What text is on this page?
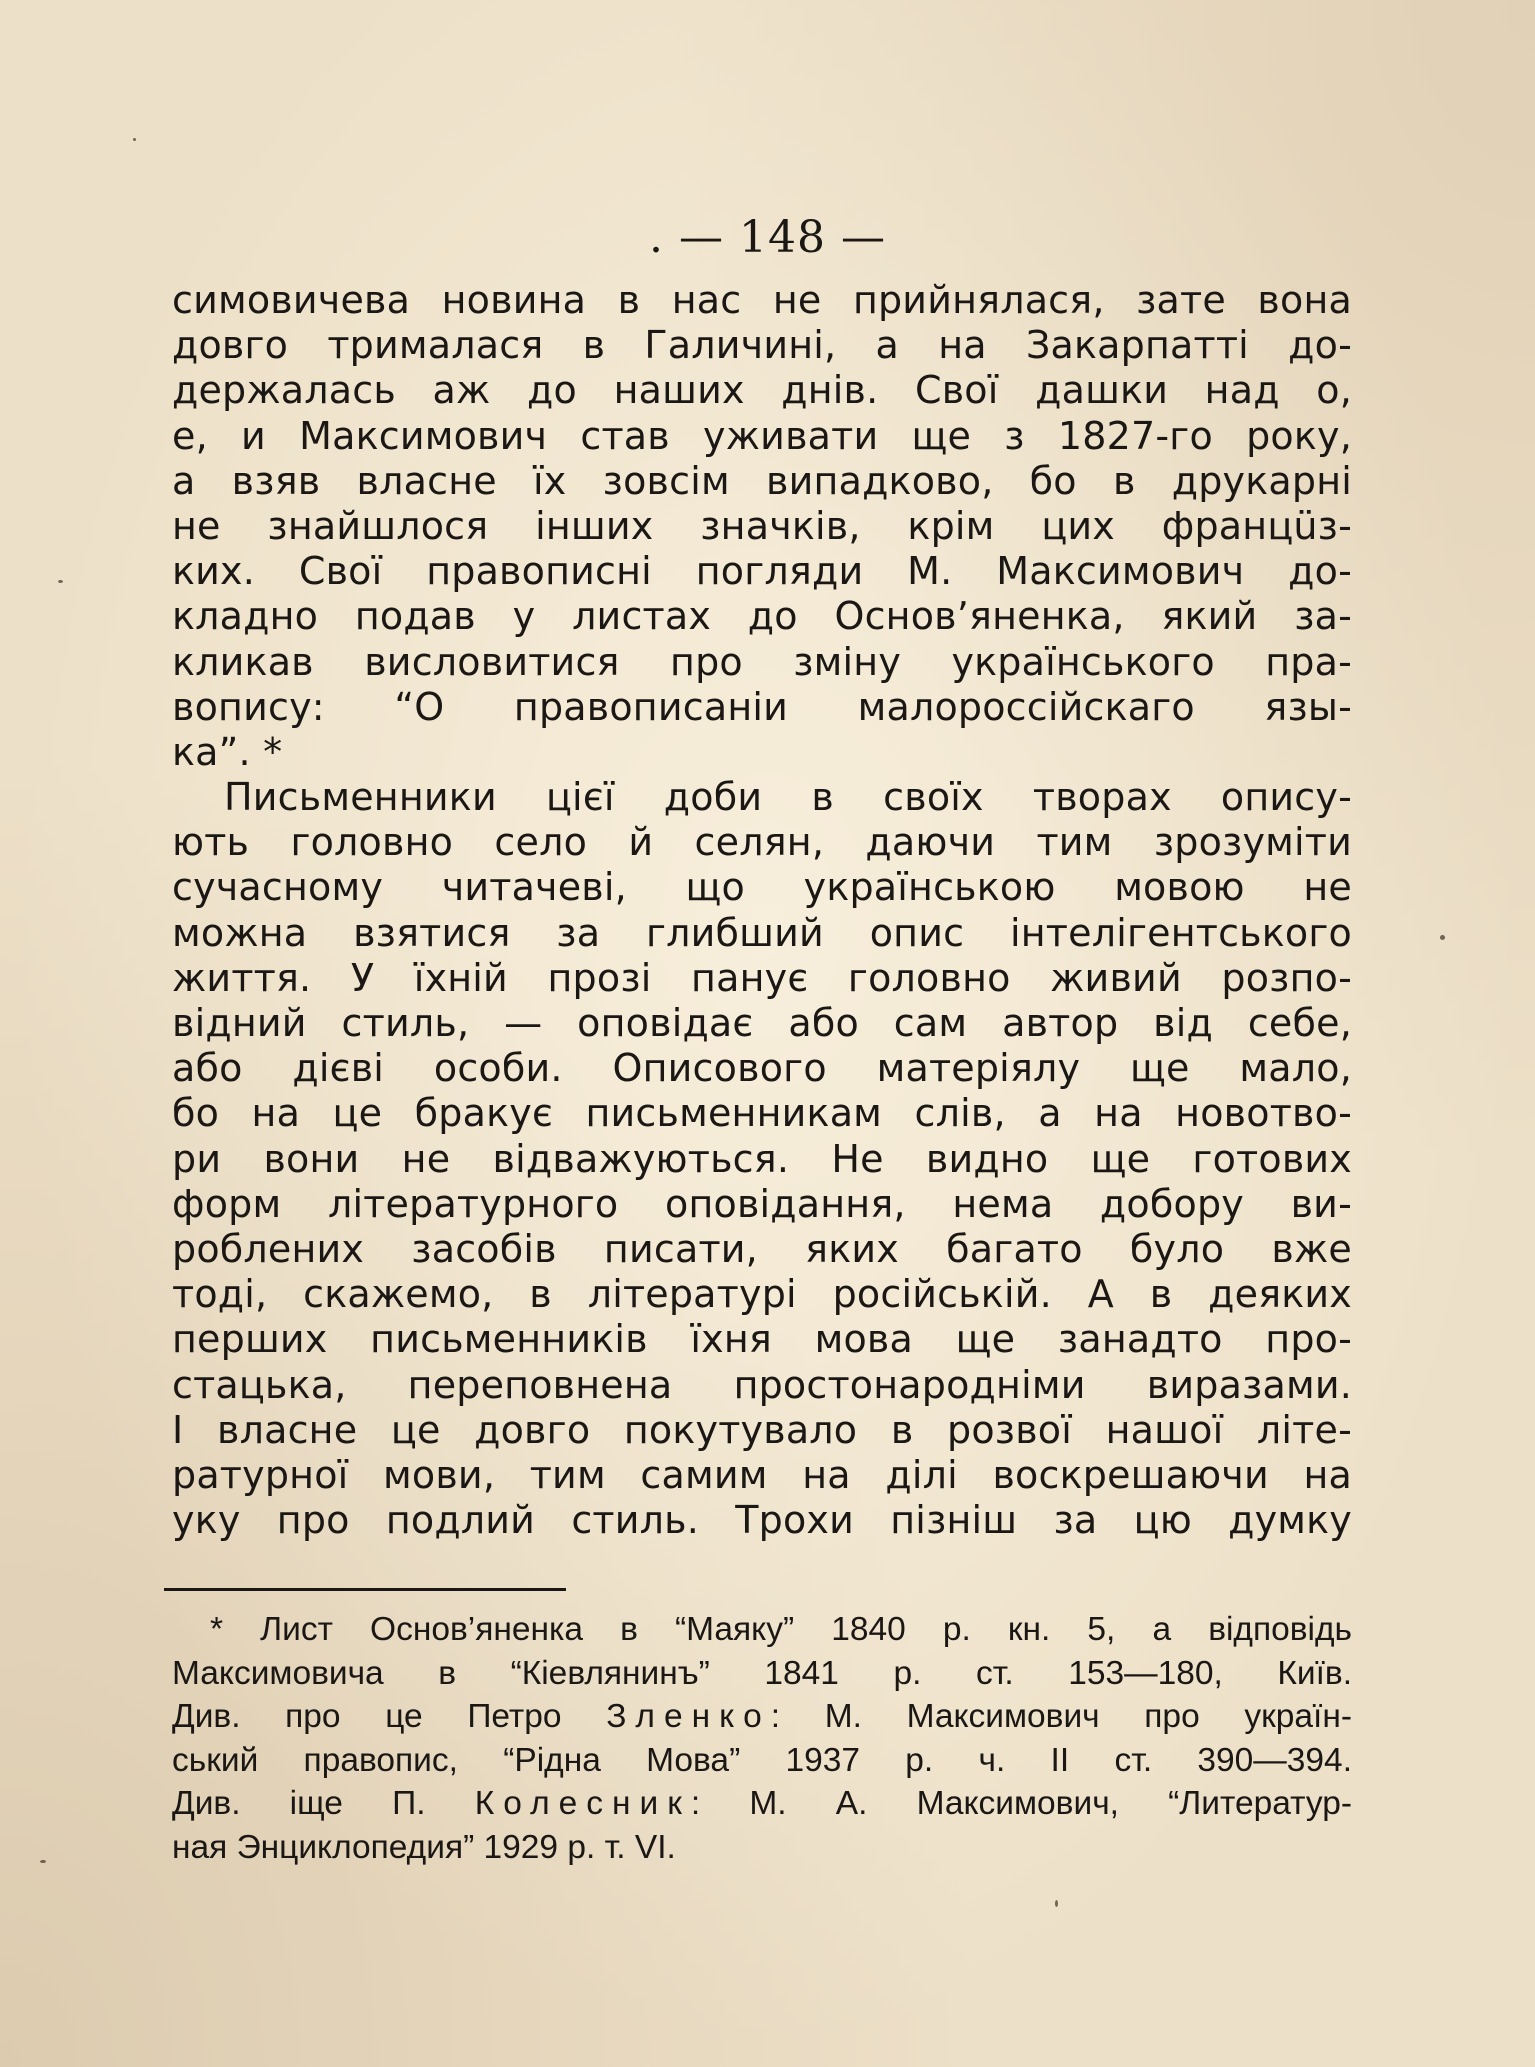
. — 148 —
симовичева новина в нас не прийнялася, зате вона
довго трималася в Галичині, а на Закарпатті до-
держалась аж до наших днів. Свої дашки над о,
е, и Максимович став уживати ще з 1827-го року,
а взяв власне їх зовсім випадково, бо в друкарні
не знайшлося інших значків, крім цих францüз-
ких. Свої правописні погляди М. Максимович до-
кладно подав у листах до Основ’яненка, який за-
кликав висловитися про зміну українського пра-
вопису: “О правописаніи малороссійскаго язы-
ка”. *
Письменники цієї доби в своїх творах опису-
ють головно село й селян, даючи тим зрозуміти
сучасному читачеві, що українською мовою не
можна взятися за глибший опис інтелігентського
життя. У їхній прозі панує головно живий розпо-
відний стиль, — оповідає або сам автор від себе,
або дієві особи. Описового матеріялу ще мало,
бо на це бракує письменникам слів, а на новотво-
ри вони не відважуються. Не видно ще готових
форм літературного оповідання, нема добору ви-
роблених засобів писати, яких багато було вже
тоді, скажемо, в літературі російській. А в деяких
перших письменників їхня мова ще занадто про-
стацька, переповнена простонародніми виразами.
І власне це довго покутувало в розвої нашої літе-
ратурної мови, тим самим на ділі воскрешаючи на
уку про подлий стиль. Трохи пізніш за цю думку
* Лист Основ’яненка в “Маяку” 1840 р. кн. 5, а відповідь
Максимовича в “Кіевлянинъ” 1841 р. ст. 153—180, Київ.
Див. про це Петро Зленко: М. Максимович про україн-
ський правопис, “Рідна Мова” 1937 р. ч. ІІ ст. 390—394.
Див. іще П. Колесник: М. А. Максимович, “Литератур-
ная Энциклопедия” 1929 р. т. VI.
